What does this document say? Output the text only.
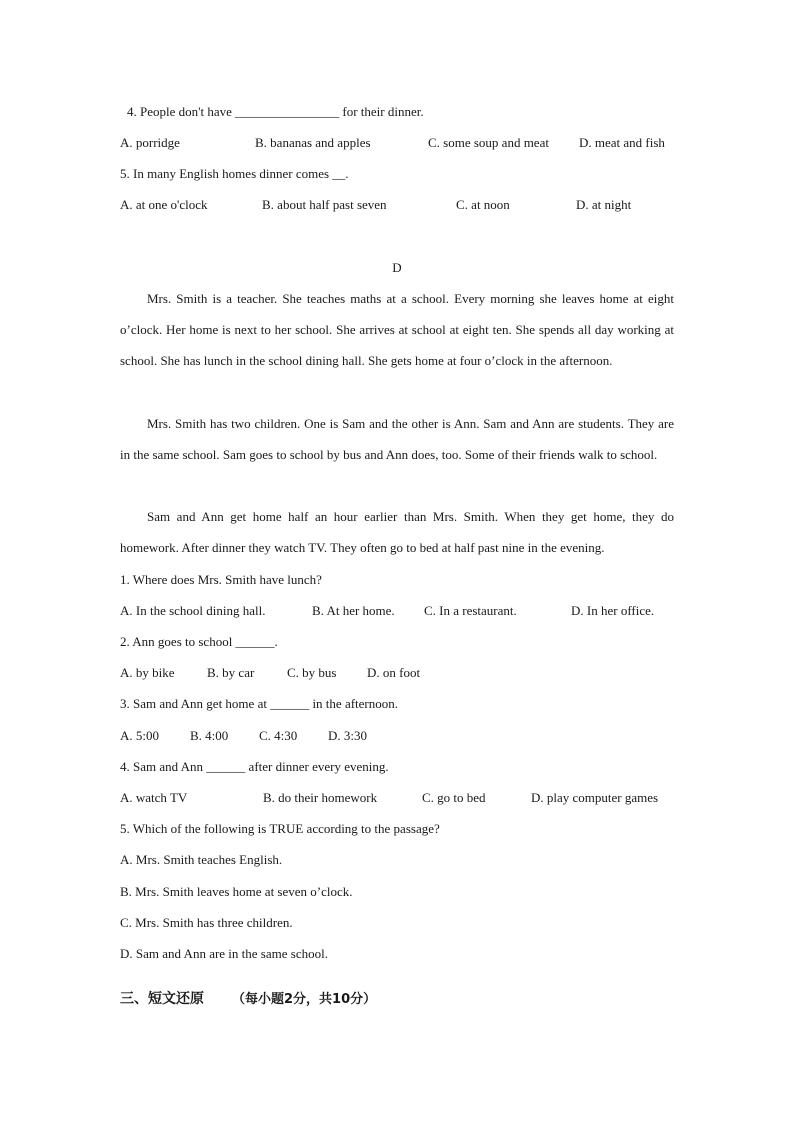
4. People don't have ________________ for their dinner.
A. porridge	B. bananas and apples	C. some soup and meat D. meat and fish
5. In many English homes dinner comes __.
A. at one o'clock	B. about half past seven	C. at noon	D. at night
D
Mrs. Smith is a teacher. She teaches maths at a school. Every morning she leaves home at eight o’clock. Her home is next to her school. She arrives at school at eight ten. She spends all day working at school. She has lunch in the school dining hall. She gets home at four o’clock in the afternoon.
Mrs. Smith has two children. One is Sam and the other is Ann. Sam and Ann are students. They are in the same school. Sam goes to school by bus and Ann does, too. Some of their friends walk to school.
Sam and Ann get home half an hour earlier than Mrs. Smith. When they get home, they do homework. After dinner they watch TV. They often go to bed at half past nine in the evening.
1. Where does Mrs. Smith have lunch?
A. In the school dining hall.	B. At her home. C. In a restaurant.	D. In her office.
2. Ann goes to school ______.
A. by bike B. by car	C. by bus D. on foot
3. Sam and Ann get home at ______ in the afternoon.
A. 5:00 B. 4:00 C. 4:30 D. 3:30
4. Sam and Ann ______ after dinner every evening.
A. watch TV	B. do their homework	C. go to bed	D. play computer games
5. Which of the following is TRUE according to the passage?
A. Mrs. Smith teaches English.
B. Mrs. Smith leaves home at seven o’clock.
C. Mrs. Smith has three children.
D. Sam and Ann are in the same school.
三、短文还原 （每小题2分，共10分）
